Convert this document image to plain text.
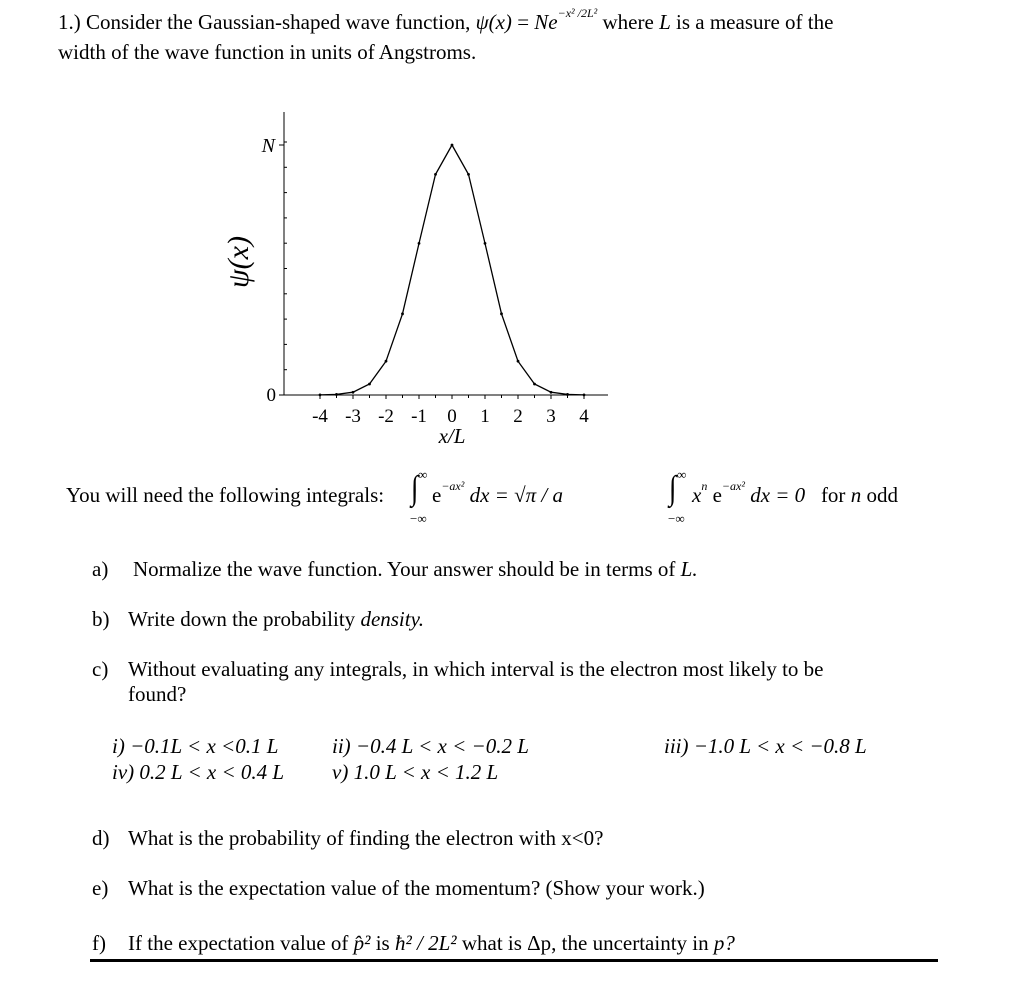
1.) Consider the Gaussian-shaped wave function, $\psi(x) = Ne^{-x^2 /2L^2}$ where L is a measure of the
width of the wave function in units of Angstroms.
N
0
-4 -3 -2 -1 0 1 2 3 4
x/L
ψ(x)
You will need the following integrals:
∞
∫
−∞
$e^{-ax^2}$ dx = √π / a
∞
∫
−∞
$x^n$ $e^{-ax^2}$ dx = 0 for n odd
a) Normalize the wave function. Your answer should be in terms of L.
b) Write down the probability density.
c) Without evaluating any integrals, in which interval is the electron most likely to be
found?
i) −0.1L < x <0.1 L	ii) −0.4 L < x < −0.2 L	iii) −1.0 L < x < −0.8 L
iv) 0.2 L < x < 0.4 L v) 1.0 L < x < 1.2 L
d) What is the probability of finding the electron with x<0?
e) What is the expectation value of the momentum? (Show your work.)
f) If the expectation value of p̂² is ħ² / 2L² what is Δp, the uncertainty in p?
